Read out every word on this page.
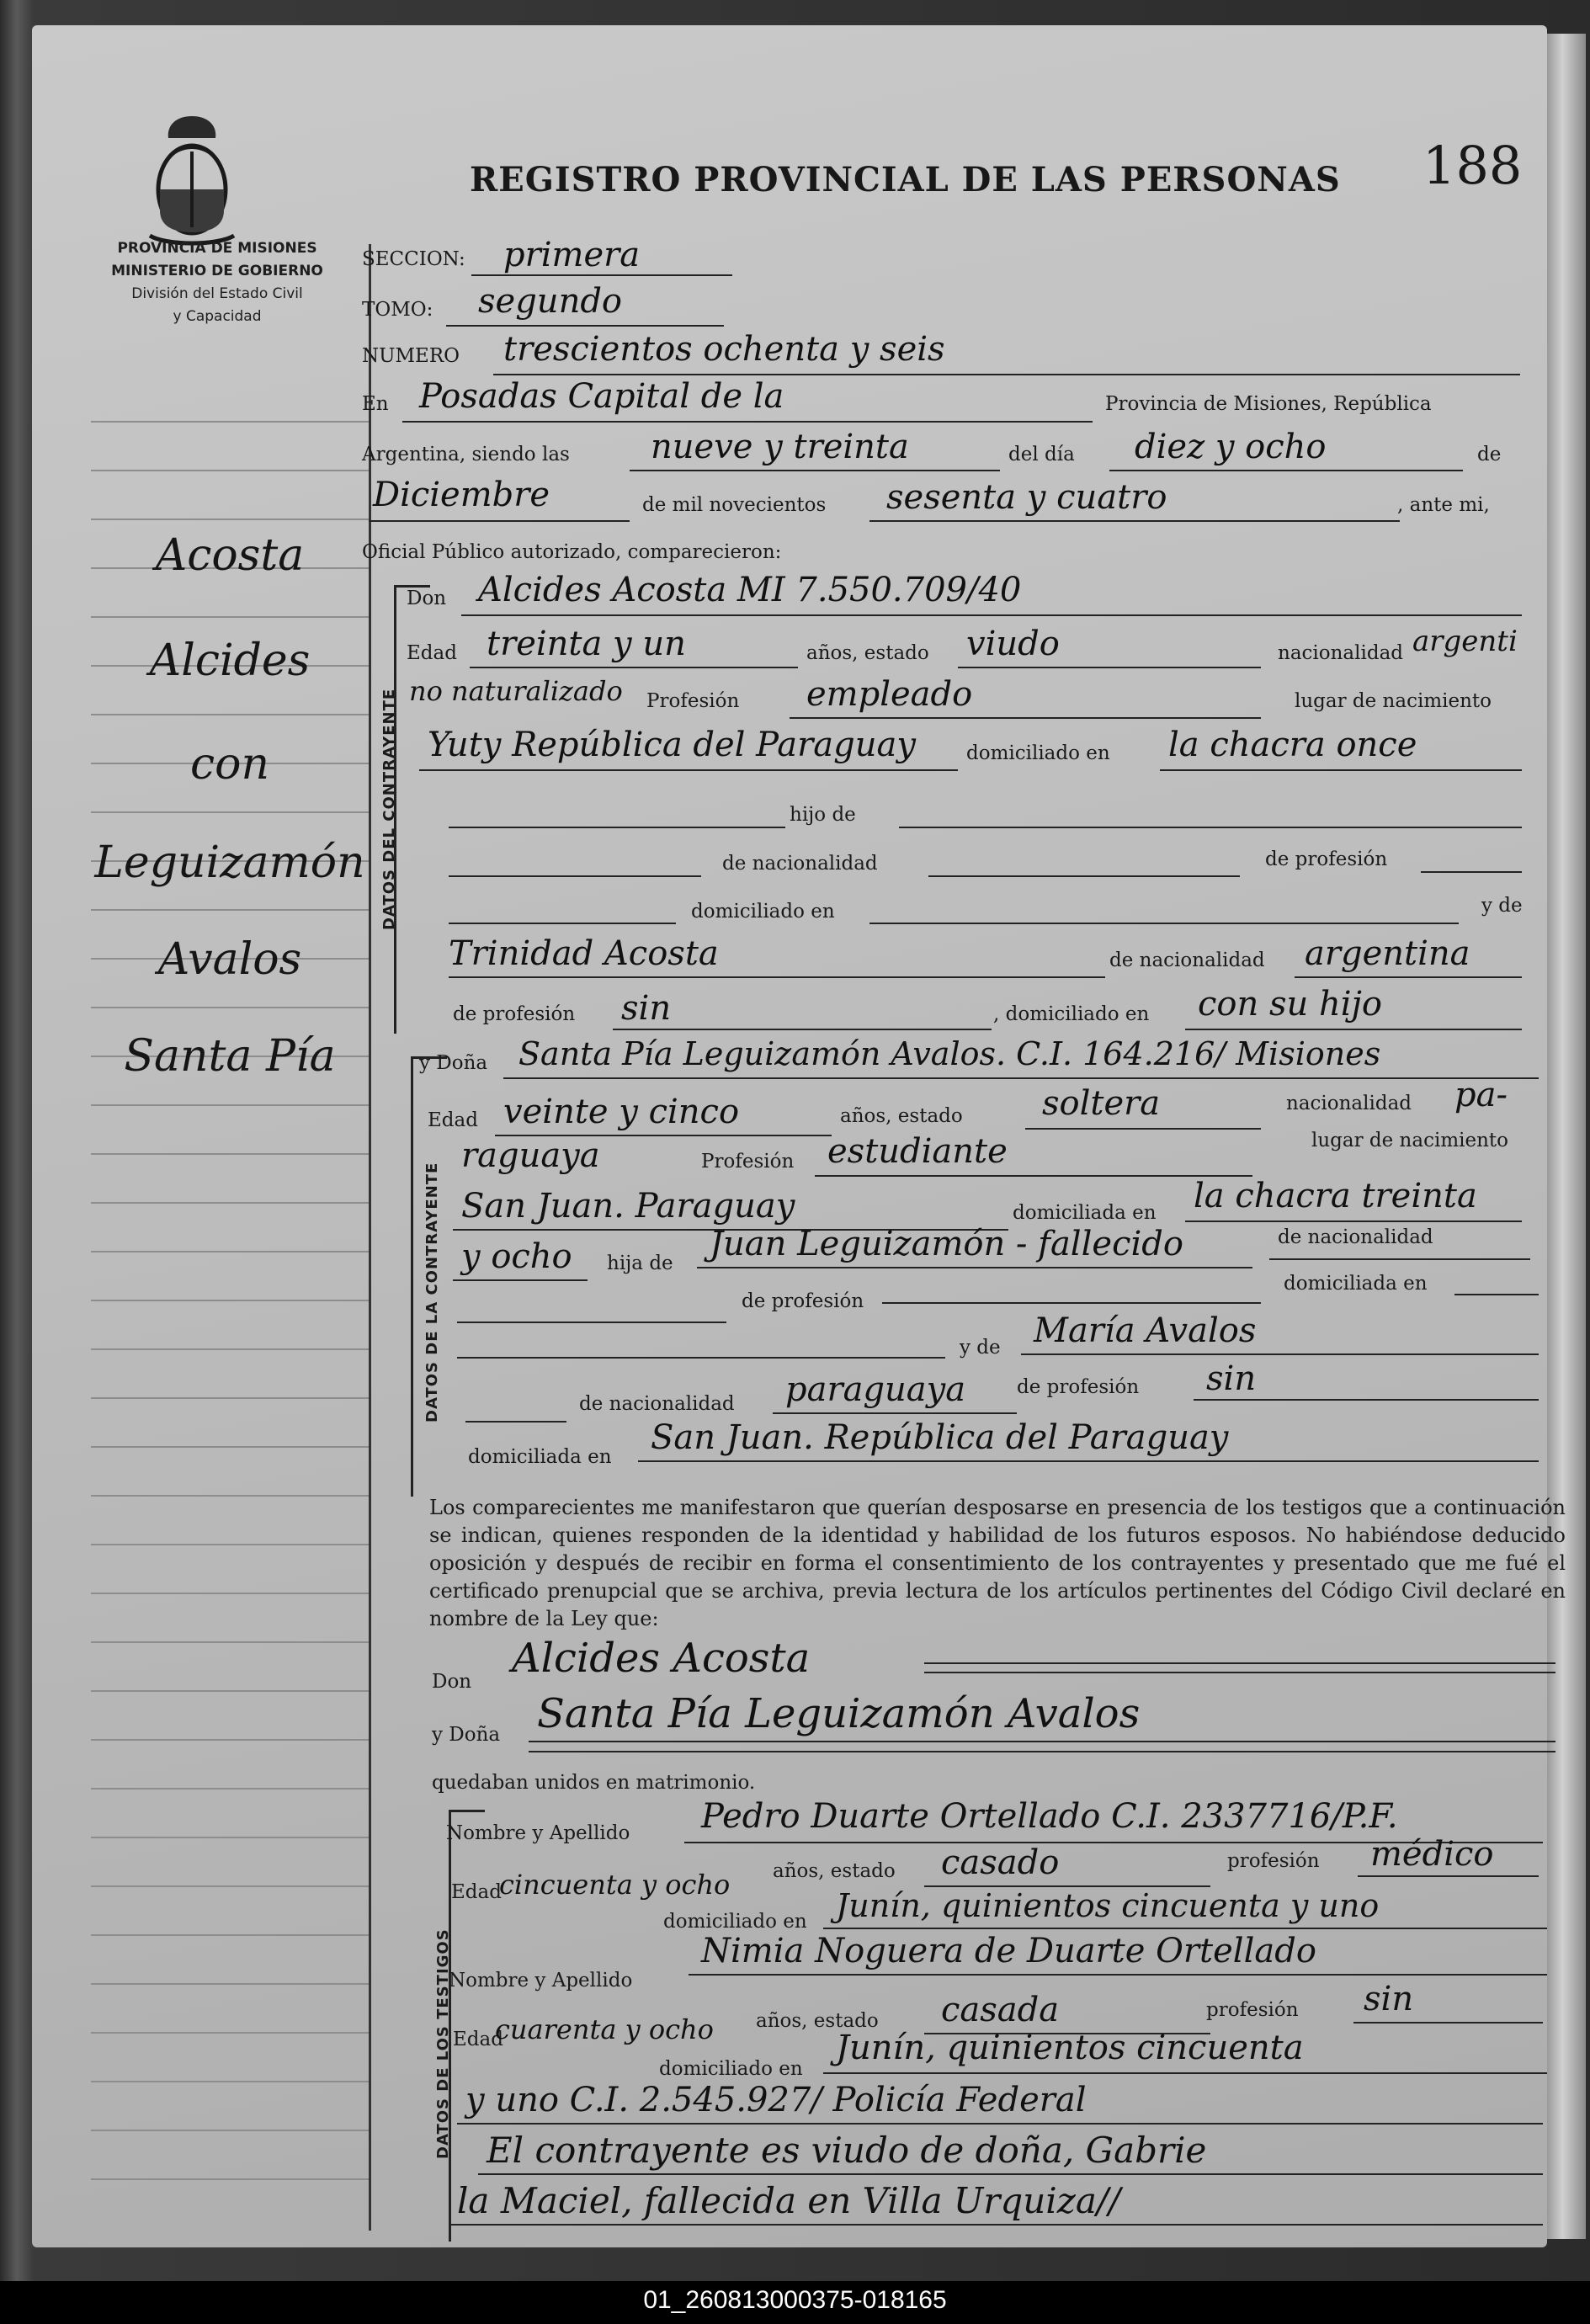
PROVINCIA DE MISIONES
MINISTERIO DE GOBIERNO
División del Estado Civil
y Capacidad
Acosta
Alcides
con
Leguizamón
Avalos
Santa Pía
REGISTRO PROVINCIAL DE LAS PERSONAS 188
SECCION: primera
TOMO: segundo
NUMERO trescientos ochenta y seis
En Posadas Capital de la	Provincia de Misiones, República
Argentina, siendo las nueve y treinta	del día diez y ocho	de
Diciembre	de mil novecientos sesenta y cuatro	, ante mi,
Oficial Público autorizado, comparecieron:
DATOS DEL CONTRAYENTE
Don Alcides Acosta MI 7.550.709/40
Edad treinta y un	años, estado viudo	nacionalidad argenti
no naturalizado Profesión empleado	lugar de nacimiento
Yuty República del Paraguay	domiciliado en la chacra once
hijo de
de nacionalidad	de profesión
domiciliado en	y de
Trinidad Acosta	de nacionalidad argentina
de profesión sin	, domiciliado en con su hijo
DATOS DE LA CONTRAYENTE
y Doña Santa Pía Leguizamón Avalos. C.I. 164.216/ Misiones
Edad veinte y cinco	años, estado soltera	nacionalidad pa-
raguaya	Profesión estudiante	lugar de nacimiento
San Juan. Paraguay	domiciliada en la chacra treinta
y ocho hija de Juan Leguizamón - fallecido	de nacionalidad
de profesión
domiciliada en
y de María Avalos
de nacionalidad paraguaya	de profesión sin
domiciliada en San Juan. República del Paraguay
Los comparecientes me manifestaron que querían desposarse en presencia de los testigos que a continuación se indican, quienes responden de la identidad y habilidad de los futuros esposos. No habiéndose deducido oposición y después de recibir en forma el consentimiento de los contrayentes y presentado que me fué el certificado prenupcial que se archiva, previa lectura de los artículos pertinentes del Código Civil declaré en nombre de la Ley que:
Don Alcides Acosta
y Doña Santa Pía Leguizamón Avalos
quedaban unidos en matrimonio.
DATOS DE LOS TESTIGOS
Nombre y Apellido Pedro Duarte Ortellado C.I. 2337716/P.F.
Edad
cincuenta y ocho años, estado casado	profesión médico
domiciliado en Junín, quinientos cincuenta y uno
Nombre y Apellido
Nimia Noguera de Duarte Ortellado
Edad
cuarenta y ocho años, estado casada	profesión sin
domiciliado en
Junín, quinientos cincuenta
y uno C.I. 2.545.927/ Policía Federal
El contrayente es viudo de doña, Gabrie
la Maciel, fallecida en Villa Urquiza//
01_260813000375-018165
